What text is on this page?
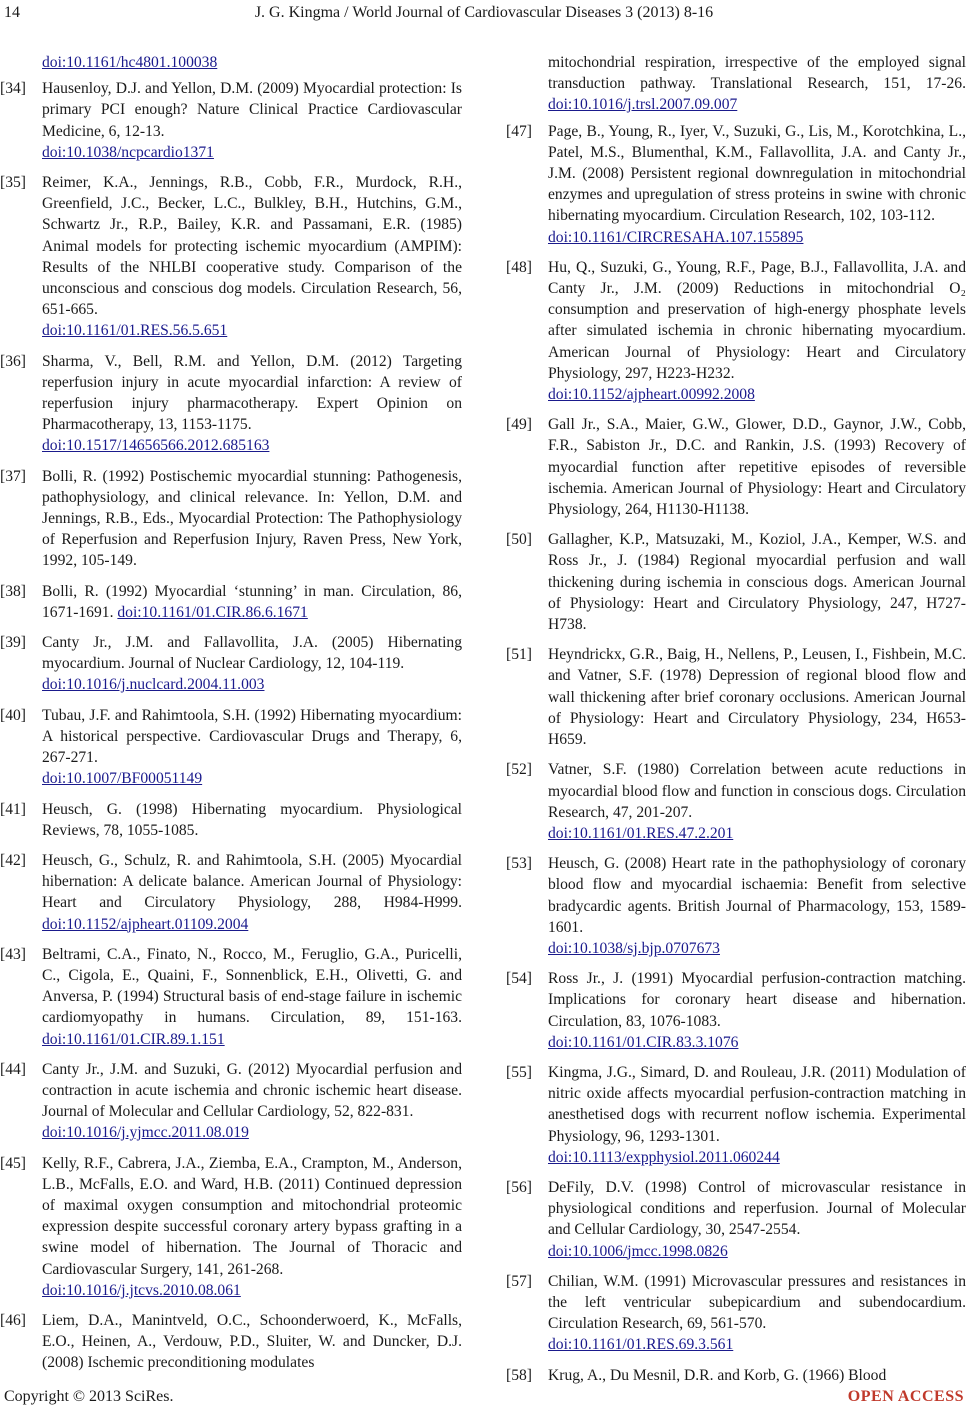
14	J. G. Kingma / World Journal of Cardiovascular Diseases 3 (2013) 8-16
doi:10.1161/hc4801.100038

[34] Hausenloy, D.J. and Yellon, D.M. (2009) Myocardial protection: Is primary PCI enough? Nature Clinical Practice Cardiovascular Medicine, 6, 12-13.
doi:10.1038/ncpcardio1371

[35] Reimer, K.A., Jennings, R.B., Cobb, F.R., Murdock, R.H., Greenfield, J.C., Becker, L.C., Bulkley, B.H., Hutchins, G.M., Schwartz Jr., R.P., Bailey, K.R. and Passamani, E.R. (1985) Animal models for protecting ischemic myocardium (AMPIM): Results of the NHLBI cooperative study. Comparison of the unconscious and conscious dog models. Circulation Research, 56, 651-665.
doi:10.1161/01.RES.56.5.651

[36] Sharma, V., Bell, R.M. and Yellon, D.M. (2012) Targeting reperfusion injury in acute myocardial infarction: A review of reperfusion injury pharmacotherapy. Expert Opinion on Pharmacotherapy, 13, 1153-1175.
doi:10.1517/14656566.2012.685163

[37] Bolli, R. (1992) Postischemic myocardial stunning: Pathogenesis, pathophysiology, and clinical relevance. In: Yellon, D.M. and Jennings, R.B., Eds., Myocardial Protection: The Pathophysiology of Reperfusion and Reperfusion Injury, Raven Press, New York, 1992, 105-149.

[38] Bolli, R. (1992) Myocardial ‘stunning’ in man. Circulation, 86, 1671-1691. doi:10.1161/01.CIR.86.6.1671

[39] Canty Jr., J.M. and Fallavollita, J.A. (2005) Hibernating myocardium. Journal of Nuclear Cardiology, 12, 104-119.
doi:10.1016/j.nuclcard.2004.11.003

[40] Tubau, J.F. and Rahimtoola, S.H. (1992) Hibernating myocardium: A historical perspective. Cardiovascular Drugs and Therapy, 6, 267-271.
doi:10.1007/BF00051149

[41] Heusch, G. (1998) Hibernating myocardium. Physiological Reviews, 78, 1055-1085.

[42] Heusch, G., Schulz, R. and Rahimtoola, S.H. (2005) Myocardial hibernation: A delicate balance. American Journal of Physiology: Heart and Circulatory Physiology, 288, H984-H999. doi:10.1152/ajpheart.01109.2004

[43] Beltrami, C.A., Finato, N., Rocco, M., Feruglio, G.A., Puricelli, C., Cigola, E., Quaini, F., Sonnenblick, E.H., Olivetti, G. and Anversa, P. (1994) Structural basis of end-stage failure in ischemic cardiomyopathy in humans. Circulation, 89, 151-163. doi:10.1161/01.CIR.89.1.151

[44] Canty Jr., J.M. and Suzuki, G. (2012) Myocardial perfusion and contraction in acute ischemia and chronic ischemic heart disease. Journal of Molecular and Cellular Cardiology, 52, 822-831.
doi:10.1016/j.yjmcc.2011.08.019

[45] Kelly, R.F., Cabrera, J.A., Ziemba, E.A., Crampton, M., Anderson, L.B., McFalls, E.O. and Ward, H.B. (2011) Continued depression of maximal oxygen consumption and mitochondrial proteomic expression despite successful coronary artery bypass grafting in a swine model of hibernation. The Journal of Thoracic and Cardiovascular Surgery, 141, 261-268.
doi:10.1016/j.jtcvs.2010.08.061

[46] Liem, D.A., Manintveld, O.C., Schoonderwoerd, K., McFalls, E.O., Heinen, A., Verdouw, P.D., Sluiter, W. and Duncker, D.J. (2008) Ischemic preconditioning modulates

mitochondrial respiration, irrespective of the employed signal transduction pathway. Translational Research, 151, 17-26. doi:10.1016/j.trsl.2007.09.007

[47] Page, B., Young, R., Iyer, V., Suzuki, G., Lis, M., Korotchkina, L., Patel, M.S., Blumenthal, K.M., Fallavollita, J.A. and Canty Jr., J.M. (2008) Persistent regional downregulation in mitochondrial enzymes and upregulation of stress proteins in swine with chronic hibernating myocardium. Circulation Research, 102, 103-112.
doi:10.1161/CIRCRESAHA.107.155895

[48] Hu, Q., Suzuki, G., Young, R.F., Page, B.J., Fallavollita, J.A. and Canty Jr., J.M. (2009) Reductions in mitochondrial O₂ consumption and preservation of high-energy phosphate levels after simulated ischemia in chronic hibernating myocardium. American Journal of Physiology: Heart and Circulatory Physiology, 297, H223-H232.
doi:10.1152/ajpheart.00992.2008

[49] Gall Jr., S.A., Maier, G.W., Glower, D.D., Gaynor, J.W., Cobb, F.R., Sabiston Jr., D.C. and Rankin, J.S. (1993) Recovery of myocardial function after repetitive episodes of reversible ischemia. American Journal of Physiology: Heart and Circulatory Physiology, 264, H1130-H1138.

[50] Gallagher, K.P., Matsuzaki, M., Koziol, J.A., Kemper, W.S. and Ross Jr., J. (1984) Regional myocardial perfusion and wall thickening during ischemia in conscious dogs. American Journal of Physiology: Heart and Circulatory Physiology, 247, H727-H738.

[51] Heyndrickx, G.R., Baig, H., Nellens, P., Leusen, I., Fishbein, M.C. and Vatner, S.F. (1978) Depression of regional blood flow and wall thickening after brief coronary occlusions. American Journal of Physiology: Heart and Circulatory Physiology, 234, H653-H659.

[52] Vatner, S.F. (1980) Correlation between acute reductions in myocardial blood flow and function in conscious dogs. Circulation Research, 47, 201-207.
doi:10.1161/01.RES.47.2.201

[53] Heusch, G. (2008) Heart rate in the pathophysiology of coronary blood flow and myocardial ischaemia: Benefit from selective bradycardic agents. British Journal of Pharmacology, 153, 1589-1601.
doi:10.1038/sj.bjp.0707673

[54] Ross Jr., J. (1991) Myocardial perfusion-contraction matching. Implications for coronary heart disease and hibernation. Circulation, 83, 1076-1083.
doi:10.1161/01.CIR.83.3.1076

[55] Kingma, J.G., Simard, D. and Rouleau, J.R. (2011) Modulation of nitric oxide affects myocardial perfusion-contraction matching in anesthetised dogs with recurrent noflow ischemia. Experimental Physiology, 96, 1293-1301.
doi:10.1113/expphysiol.2011.060244

[56] DeFily, D.V. (1998) Control of microvascular resistance in physiological conditions and reperfusion. Journal of Molecular and Cellular Cardiology, 30, 2547-2554.
doi:10.1006/jmcc.1998.0826

[57] Chilian, W.M. (1991) Microvascular pressures and resistances in the left ventricular subepicardium and subendocardium. Circulation Research, 69, 561-570.
doi:10.1161/01.RES.69.3.561

[58] Krug, A., Du Mesnil, D.R. and Korb, G. (1966) Blood

Copyright © 2013 SciRes.	OPEN ACCESS
